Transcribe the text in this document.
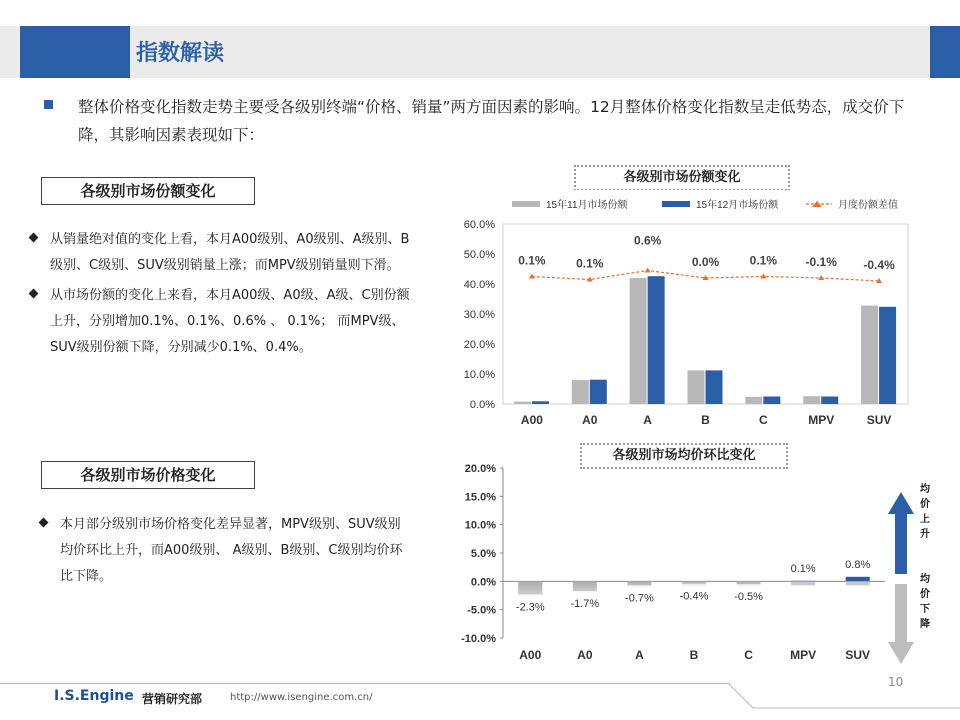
指数解读
整体价格变化指数走势主要受各级别终端“价格、销量”两方面因素的影响。12月整体价格变化指数呈走低势态，成交价下降，其影响因素表现如下：
各级别市场份额变化
从销量绝对值的变化上看，本月A00级别、A0级别、A级别、B级别、C级别、SUV级别销量上涨；而MPV级别销量则下滑。
从市场份额的变化上来看，本月A00级、A0级、A级、C别份额上升，分别增加0.1%、0.1%、0.6% 、 0.1%； 而MPV级、SUV级别份额下降，分别减少0.1%、0.4%。
各级别市场价格变化
本月部分级别市场价格变化差异显著，MPV级别、SUV级别均价环比上升，而A00级别、 A级别、B级别、C级别均价环比下降。
各级别市场份额变化
0.0%
10.0%
20.0%
30.0%
40.0%
50.0%
60.0%
15年11月市场份额	15年12月市场份额	月度份额差值
A00
0.1%
A0
0.1%
A
0.6%
B
0.0%
C
0.1%
MPV
-0.1%
SUV
-0.4%
各级别市场均价环比变化
20.0%
15.0%
10.0%
5.0%
0.0%
-5.0%
-10.0%
-2.3%
A00
-1.7%
A0
-0.7%
A
-0.4%
B
-0.5%
C
0.1%
MPV
0.8%
SUV
均
价
上
升
均
价
下
降
I.S.Engine 营销研究部	http://www.isengine.com.cn/
10
